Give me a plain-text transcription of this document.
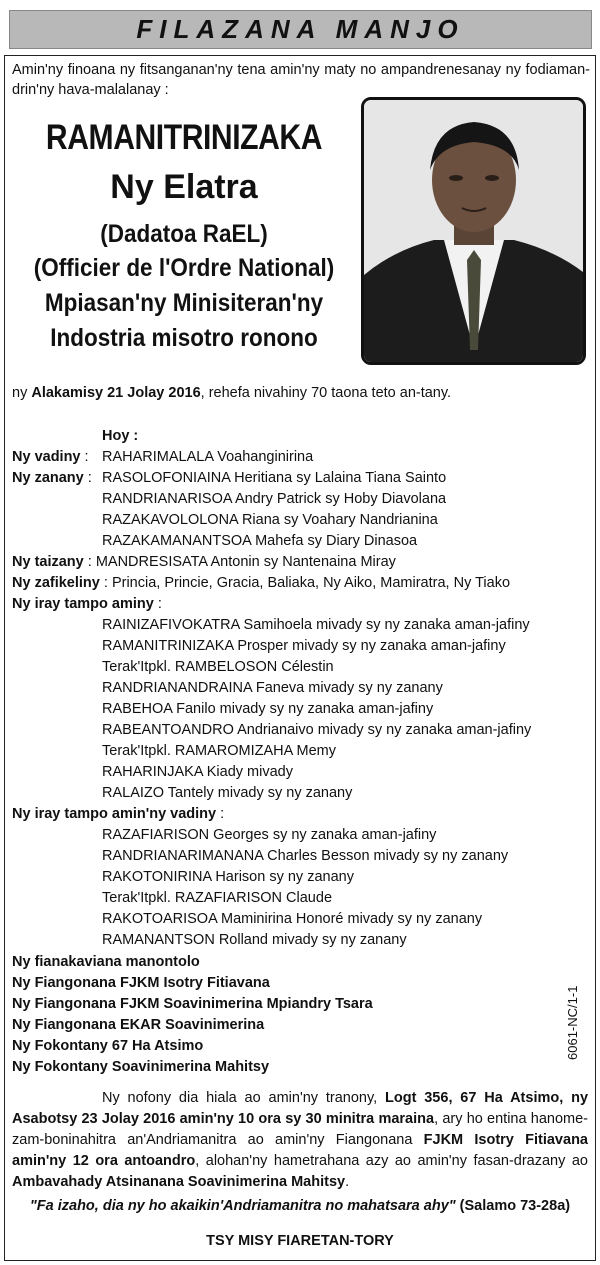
FILAZANA MANJO
Amin'ny finoana ny fitsanganan'ny tena amin'ny maty no ampandrenesanay ny fodiaman-drin'ny hava-malalanay :
RAMANITRINIZAKA
Ny Elatra
(Dadatoa RaEL)
(Officier de l'Ordre National)
Mpiasan'ny Minisiteran'ny
Indostria misotro ronono
ny Alakamisy 21 Jolay 2016, rehefa nivahiny 70 taona teto an-tany.
Hoy :
Ny vadiny : RAHARIMALALA Voahanginirina
Ny zanany : RASOLOFONIAINA Heritiana sy Lalaina Tiana Sainto
RANDRIANARISOA Andry Patrick sy Hoby Diavolana
RAZAKAVOLOLONA Riana sy Voahary Nandrianina
RAZAKAMANANTSOA Mahefa sy Diary Dinasoa
Ny taizany : MANDRESISATA Antonin sy Nantenaina Miray
Ny zafikeliny : Princia, Princie, Gracia, Baliaka, Ny Aiko, Mamiratra, Ny Tiako
Ny iray tampo aminy :
RAINIZAFIVOKATRA Samihoela mivady sy ny zanaka aman-jafiny
RAMANITRINIZAKA Prosper mivady sy ny zanaka aman-jafiny
Terak'Itpkl. RAMBELOSON Célestin
RANDRIANANDRAINA Faneva mivady sy ny zanany
RABEHOA Fanilo mivady sy ny zanaka aman-jafiny
RABEANTOANDRO Andrianaivo mivady sy ny zanaka aman-jafiny
Terak'Itpkl. RAMAROMIZAHA Memy
RAHARINJAKA Kiady mivady
RALAIZO Tantely mivady sy ny zanany
Ny iray tampo amin'ny vadiny :
RAZAFIARISON Georges sy ny zanaka aman-jafiny
RANDRIANARIMANANA Charles Besson mivady sy ny zanany
RAKOTONIRINA Harison sy ny zanany
Terak'Itpkl. RAZAFIARISON Claude
RAKOTOARISOA Maminirina Honoré mivady sy ny zanany
RAMANANTSON Rolland mivady sy ny zanany
Ny fianakaviana manontolo
Ny Fiangonana FJKM Isotry Fitiavana
Ny Fiangonana FJKM Soavinimerina Mpiandry Tsara
Ny Fiangonana EKAR Soavinimerina
Ny Fokontany 67 Ha Atsimo
Ny Fokontany Soavinimerina Mahitsy
6061-NC/1-1
Ny nofony dia hiala ao amin'ny tranony, Logt 356, 67 Ha Atsimo, ny Asabotsy 23 Jolay 2016 amin'ny 10 ora sy 30 minitra maraina, ary ho entina hanome-zam-boninahitra an'Andriamanitra ao amin'ny Fiangonana FJKM Isotry Fitiavana amin'ny 12 ora antoandro, alohan'ny hametrahana azy ao amin'ny fasan-drazany ao Ambavahady Atsinanana Soavinimerina Mahitsy.
"Fa izaho, dia ny ho akaikin'Andriamanitra no mahatsara ahy" (Salamo 73-28a)
TSY MISY FIARETAN-TORY
